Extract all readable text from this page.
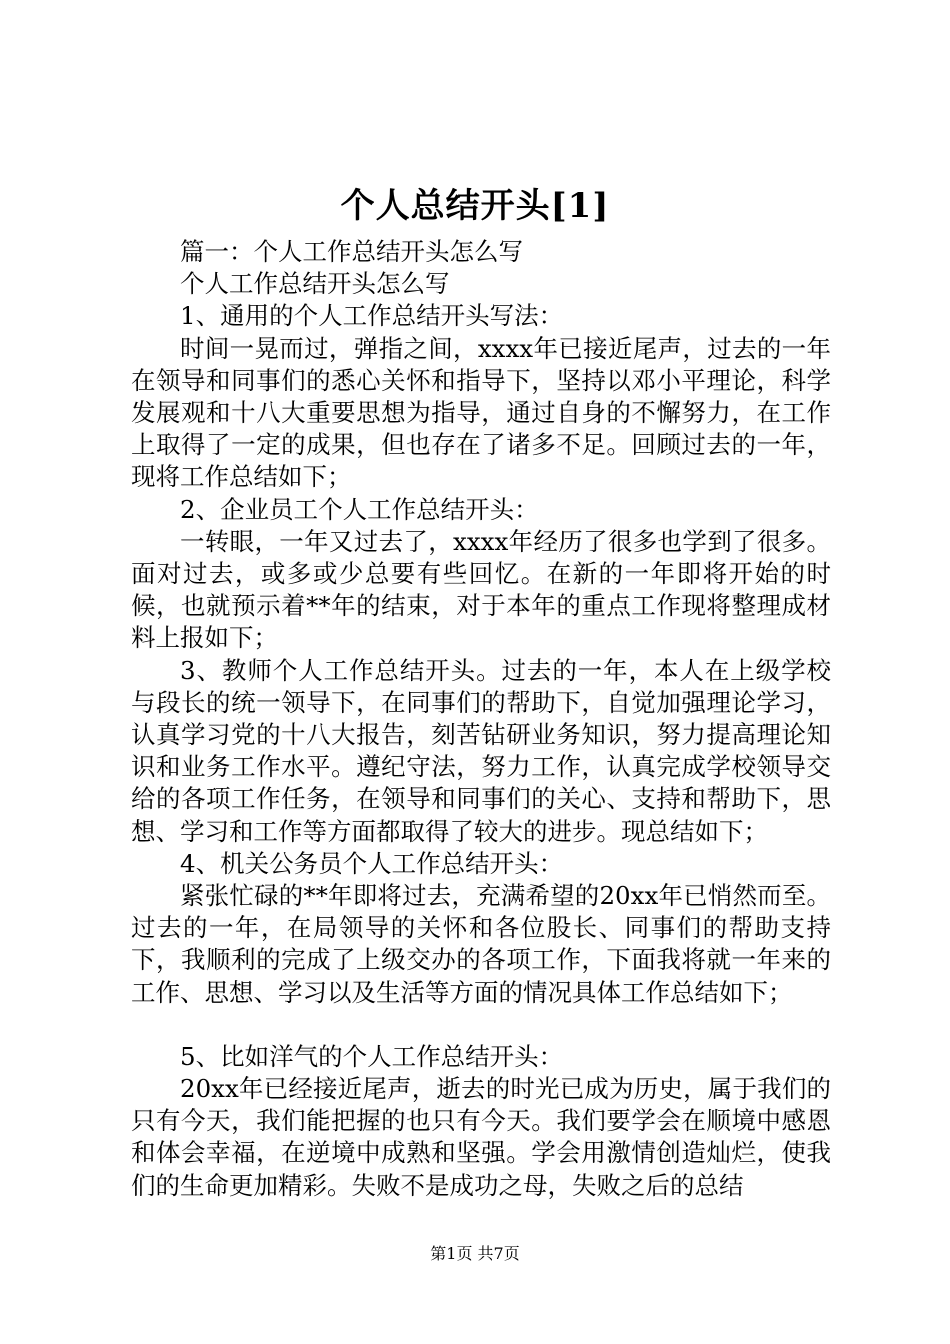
个人总结开头[1]

篇一：个人工作总结开头怎么写

个人工作总结开头怎么写

1、通用的个人工作总结开头写法：

时间一晃而过，弹指之间，xxxx年已接近尾声，过去的一年在领导和同事们的悉心关怀和指导下，坚持以邓小平理论，科学发展观和十八大重要思想为指导，通过自身的不懈努力，在工作上取得了一定的成果，但也存在了诸多不足。回顾过去的一年，现将工作总结如下；

2、企业员工个人工作总结开头：

一转眼，一年又过去了，xxxx年经历了很多也学到了很多。面对过去，或多或少总要有些回忆。在新的一年即将开始的时候，也就预示着**年的结束，对于本年的重点工作现将整理成材料上报如下；

3、教师个人工作总结开头。过去的一年，本人在上级学校与段长的统一领导下，在同事们的帮助下，自觉加强理论学习，认真学习党的十八大报告，刻苦钻研业务知识，努力提高理论知识和业务工作水平。遵纪守法，努力工作，认真完成学校领导交给的各项工作任务，在领导和同事们的关心、支持和帮助下，思想、学习和工作等方面都取得了较大的进步。现总结如下；

4、机关公务员个人工作总结开头：

紧张忙碌的**年即将过去，充满希望的20xx年已悄然而至。过去的一年，在局领导的关怀和各位股长、同事们的帮助支持下，我顺利的完成了上级交办的各项工作，下面我将就一年来的工作、思想、学习以及生活等方面的情况具体工作总结如下；

5、比如洋气的个人工作总结开头：

20xx年已经接近尾声，逝去的时光已成为历史，属于我们的只有今天，我们能把握的也只有今天。我们要学会在顺境中感恩和体会幸福，在逆境中成熟和坚强。学会用激情创造灿烂，使我们的生命更加精彩。失败不是成功之母，失败之后的总结

第1页 共7页
